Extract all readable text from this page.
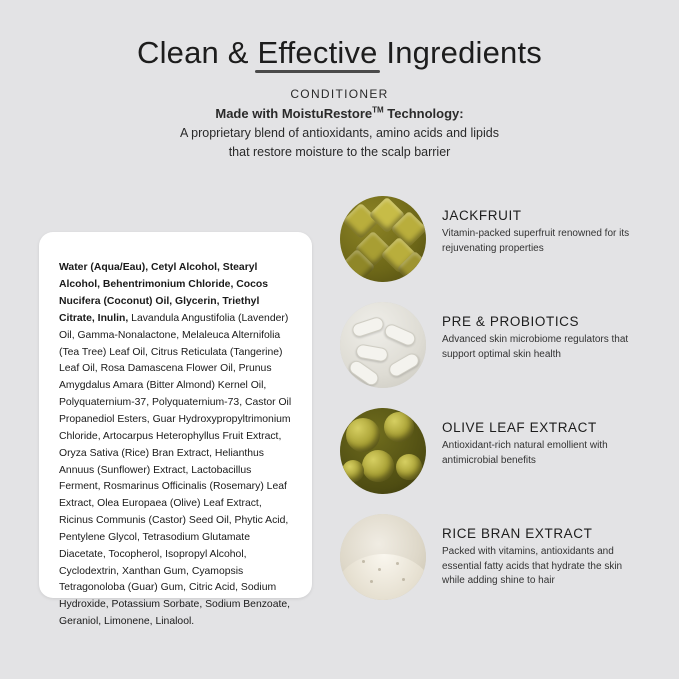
Clean & Effective Ingredients
CONDITIONER
Made with MoistuRestore™ Technology:
A proprietary blend of antioxidants, amino acids and lipids
that restore moisture to the scalp barrier

Water (Aqua/Eau), Cetyl Alcohol, Stearyl Alcohol, Behentrimonium Chloride, Cocos Nucifera (Coconut) Oil, Glycerin, Triethyl Citrate, Inulin, Lavandula Angustifolia (Lavender) Oil, Gamma-Nonalactone, Melaleuca Alternifolia (Tea Tree) Leaf Oil, Citrus Reticulata (Tangerine) Leaf Oil, Rosa Damascena Flower Oil, Prunus Amygdalus Amara (Bitter Almond) Kernel Oil, Polyquaternium-37, Polyquaternium-73, Castor Oil Propanediol Esters, Guar Hydroxypropyltrimonium Chloride, Artocarpus Heterophyllus Fruit Extract, Oryza Sativa (Rice) Bran Extract, Helianthus Annuus (Sunflower) Extract, Lactobacillus Ferment, Rosmarinus Officinalis (Rosemary) Leaf Extract, Olea Europaea (Olive) Leaf Extract, Ricinus Communis (Castor) Seed Oil, Phytic Acid, Pentylene Glycol, Tetrasodium Glutamate Diacetate, Tocopherol, Isopropyl Alcohol, Cyclodextrin, Xanthan Gum, Cyamopsis Tetragonoloba (Guar) Gum, Citric Acid, Sodium Hydroxide, Potassium Sorbate, Sodium Benzoate, Geraniol, Limonene, Linalool.

JACKFRUIT

Vitamin-packed superfruit renowned for its rejuvenating properties

PRE & PROBIOTICS

Advanced skin microbiome regulators that support optimal skin health

OLIVE LEAF EXTRACT

Antioxidant-rich natural emollient with antimicrobial benefits

RICE BRAN EXTRACT

Packed with vitamins, antioxidants and essential fatty acids that hydrate the skin while adding shine to hair
